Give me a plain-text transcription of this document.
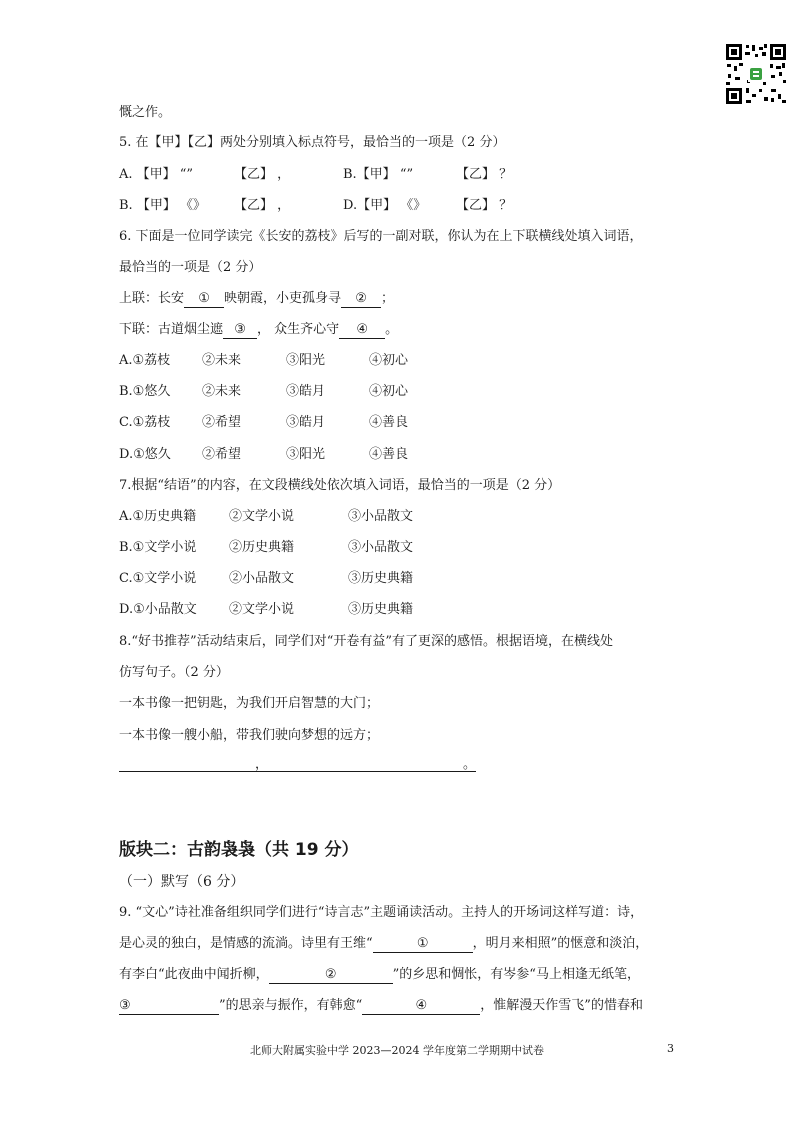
慨之作。
5. 在【甲】【乙】两处分别填入标点符号，最恰当的一项是（2 分）
A. 【甲】 “”	【乙】 ，	B.【甲】 “”	【乙】 ？
B. 【甲】 《》 【乙】 ，	D.【甲】 《》 【乙】 ？
6. 下面是一位同学读完《长安的荔枝》后写的一副对联，你认为在上下联横线处填入词语，
最恰当的一项是（2 分）
上联：长安 ① 映朝霞，小吏孤身寻 ② ；
下联：古道烟尘遮 ③ ， 众生齐心守 ④ 。
A.①荔枝 ②未来	③阳光	④初心
B.①悠久 ②未来	③皓月	④初心
C.①荔枝 ②希望	③皓月	④善良
D.①悠久 ②希望	③阳光	④善良
7.根据“结语”的内容，在文段横线处依次填入词语，最恰当的一项是（2 分）
A.①历史典籍	②文学小说	③小品散文
B.①文学小说	②历史典籍	③小品散文
C.①文学小说	②小品散文	③历史典籍
D.①小品散文 ②文学小说	③历史典籍
8.“好书推荐”活动结束后，同学们对“开卷有益”有了更深的感悟。根据语境，在横线处
仿写句子。（2 分）
一本书像一把钥匙，为我们开启智慧的大门；
一本书像一艘小船，带我们驶向梦想的远方；
，	。
版块二：古韵袅袅（共 19 分）
（一）默写（6 分）
9. “文心”诗社准备组织同学们进行“诗言志”主题诵读活动。主持人的开场词这样写道：诗，
是心灵的独白，是情感的流淌。诗里有王维“	①	，明月来相照”的惬意和淡泊，
有李白“此夜曲中闻折柳，	②	”的乡思和惆怅，有岑参“马上相逢无纸笔，
③	”的思亲与振作，有韩愈“	④	，惟解漫天作雪飞”的惜春和
北师大附属实验中学 2023—2024 学年度第二学期期中试卷	3
